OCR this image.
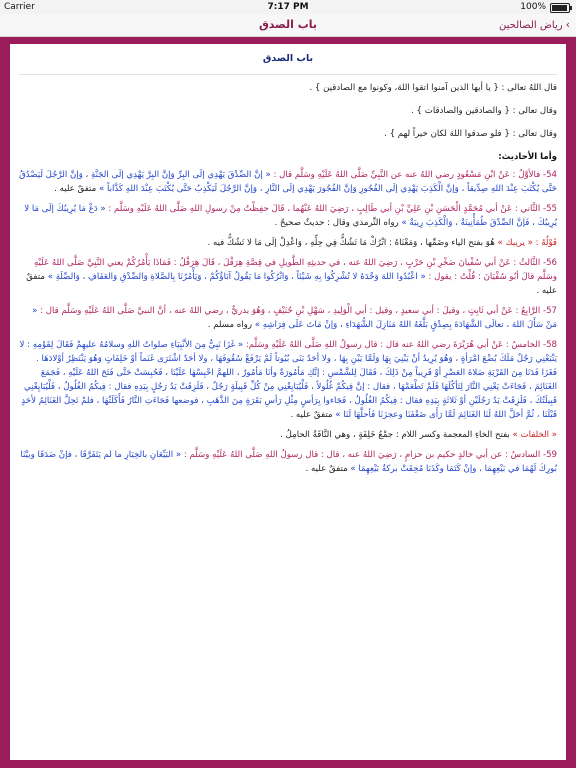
Carrier	7:17 PM	100%
باب الصدق	›رياض الصالحين
باب الصدق
قال اللهُ تعالى : { يا أيها الذين آمنوا اتقوا اللهَ، وكونوا مع الصادقين } .
وقال تعالى : { والصادقين والصادقات } .
وقال تعالى : { فلو صدقوا اللهَ لكان خيراً لهم } .
وأما الأحاديث:
54- فالأوَّلُ : عَنْ ابْنِ مَسْعُودٍ رضي اللهُ عنه عن النَّبِيِّ صَلَّى اللهُ عَلَيْهِ وسَلَّم قال : « إنَّ الصِّدْقَ يَهْدِي إلَى البِرِّ وَإنَّ البِرَّ يَهْدِي إلَى الجَنَّةِ ، وَإنَّ الرَّجُلَ لَيَصْدُقُ حَتَّى يُكْتَبَ عِنْدَ اللهِ صِدِّيقاً ، وَإنَّ الْكَذِبَ يَهْدِي إلَى الفُجُورِ وَإنَّ الفُجُورَ يَهْدِي إلَى النَّارِ ، وَإنَّ الرَّجُلَ لَيَكْذِبُ حَتَّى يُكْتَبَ عِنْدَ اللهِ كَذَّاباً » متفقٌ عليه .
55- الثَّاني : عَنْ أبي مُحَمَّدٍ الْحَسَنِ بْنِ عَلِيِّ بْنِ أبي طَالِبٍ ، رَضِيَ اللهُ عَنْهُما ، قَالَ حفِظْتُ مِنْ رسولِ اللهِ صَلَّى اللهُ عَلَيْهِ وسَلَّم : « دَعْ مَا يُرِيبُكَ إلَى مَا لا يُرِيبُكَ ، فَإنَّ الصِّدْقَ طُمَأْنِينَةٌ ، وَالْكَذِبَ رِيبَةٌ » رواه التِّرمذي وقال : حديثٌ صحيحٌ .
قَوْلُهُ : « يريبك » هُوَ بفتح الياء وضَمِّها ، وَمَعْنَاهُ : اتْرُكْ مَا تَشُكُّ فِي حِلِّهِ ، وَاعْدِلْ إلَى مَا لا تَشُكُّ فيه .
56- الثَّالثُ : عَنْ أبي سُفْيانَ صَخْرِ بْنِ حَرْبٍ ، رَضِيَ اللهُ عنه ، في حديثِهِ الطَّويلِ في قِصَّةِ هِرَقْلَ ، قَالَ هِرَقْلُ : فَمَاذَا يَأْمُرُكُمْ يعني النَّبِيَّ صَلَّى اللهُ عَلَيْهِ وسَلَّم قالَ أبُو سُفْيَانَ : قُلْتُ : يقول : « اعْبُدُوا اللهَ وَحْدَهُ لا تُشْرِكُوا بِهِ شَيْئاً ، وَاتْرُكُوا مَا يَقُولُ آبَاؤُكُمْ ، وَيَأْمُرُنَا بِالصَّلاةِ وَالصِّدْقِ وَالعَفَافِ ، وَالصِّلَةِ » متفقٌ عليه .
57- الرَّابِعُ : عَنْ أبي ثَابِتٍ ، وقيلَ : أبي سعيدٍ ، وقيل : أبي الْوَلِيدِ ، سَهْلِ بْنِ حُنَيْفٍ ، وَهُوَ بدريٌّ ، رضي اللهُ عنه ، أنَّ النبيَّ صَلَّى اللهُ عَلَيْهِ وسَلَّم قال : « مَنْ سَأَلَ اللهَ ، تعالَى الشَّهَادَةَ بِصِدْقٍ بَلَّغَهُ اللهُ مَنَازِلَ الشُّهَدَاءِ ، وَإنْ مَاتَ عَلَى فِرَاشِهِ » رواه مسلم .
58- الخامسُ : عَنْ أبي هُرَيْرَةَ رضي اللهُ عنه قال : قال رسولُ اللهِ صَلَّى اللهُ عَلَيْهِ وسَلَّم: « غَزَا نَبِيٌّ مِنَ الأنْبِيَاءِ صلواتُ اللهِ وسلامُهُ عليهِمْ فَقَالَ لِقَوْمِهِ : لا يَتْبَعْنِي رَجُلٌ مَلَكَ بُضْعَ امْرَأةٍ ، وَهُوَ يُرِيدُ أنْ يَبْنِيَ بِهَا وَلَمَّا يَبْنِ بِهَا ، ولا أحَدٌ بَنَى بُيُوتاً لَمْ يَرْفَعْ سُقُوفَهَا ، ولا أحَدٌ اشْتَرَى غَنَماً أوْ خَلِفَاتٍ وَهُوَ يَنْتَظِرُ أوْلادَهَا . فَغَزَا فَدَنَا مِنَ القَرْيَةِ صَلاةَ العَصْرِ أوْ قَرِيباً مِنْ ذَلِكَ ، فَقَالَ لِلشَّمْسِ : إنَّكِ مَأمُورَةٌ وأنَا مَأمُورٌ ، اللهمَّ احْبِسْهَا عَلَيْنَا ، فَحُبِسَتْ حَتَّى فَتَحَ اللهُ عَلَيْهِ ، فَجَمَعَ الغَنَائِمَ ، فَجَاءَتْ يَعْنِي النَّارَ لِتَأكُلَهَا فَلَمْ تَطْعَمْهَا ، فقال : إنَّ فِيكُمْ غُلُولاً ، فَلْيُبَايِعْنِي مِنْ كُلِّ قَبِيلَةٍ رَجُلٌ ، فَلَزِقَتْ يَدُ رَجُلٍ بِيَدِهِ فقال : فِيكُمُ الغُلُولُ ، فَلْيُبَايِعْنِي قَبِيلَتُكَ ، فَلَزِقَتْ يَدُ رَجُلَيْنِ أوْ ثَلاثَةٍ بِيَدِهِ فقال : فِيكُمُ الغُلُولُ ، فَجَاءوا بِرَأسٍ مِثْلِ رَأسِ بَقَرَةٍ مِنَ الذَّهَبِ ، فوضعها فَجَاءَتِ النَّارُ فَأَكَلَتْهَا ، فلمْ تَحِلَّ الغَنَائِمُ لأحَدٍ قَبْلَنَا ، ثُمَّ أحَلَّ اللهُ لَنَا الغَنَائِمَ لَمَّا رَأَى ضَعْفَنَا وعجزَنَا فَأحلَّهَا لَنَا » متفقٌ عليه .
« الخلفات » بفتح الخاءِ المعجمة وكسر اللام : جمْعُ خَلِفَةٍ ، وهي النَّاقَةُ الحامِلُ .
59- السادسُ : عن أبي خالدٍ حكيم بن حزامٍ ، رَضِيَ اللهُ عنه ، قال : قال رسولُ اللهِ صَلَّى اللهُ عَلَيْهِ وسَلَّم : « البَيِّعَانِ بالخِيَارِ ما لم يَتَفَرَّقَا ، فإنْ صَدَقَا وبيَّنَا بُورِكَ لَهُمَا في بَيْعِهِمَا ، وإنْ كَتَمَا وكَذَبَا مُحِقَتْ بركةُ بَيْعِهِمَا » متفقٌ عليه .
